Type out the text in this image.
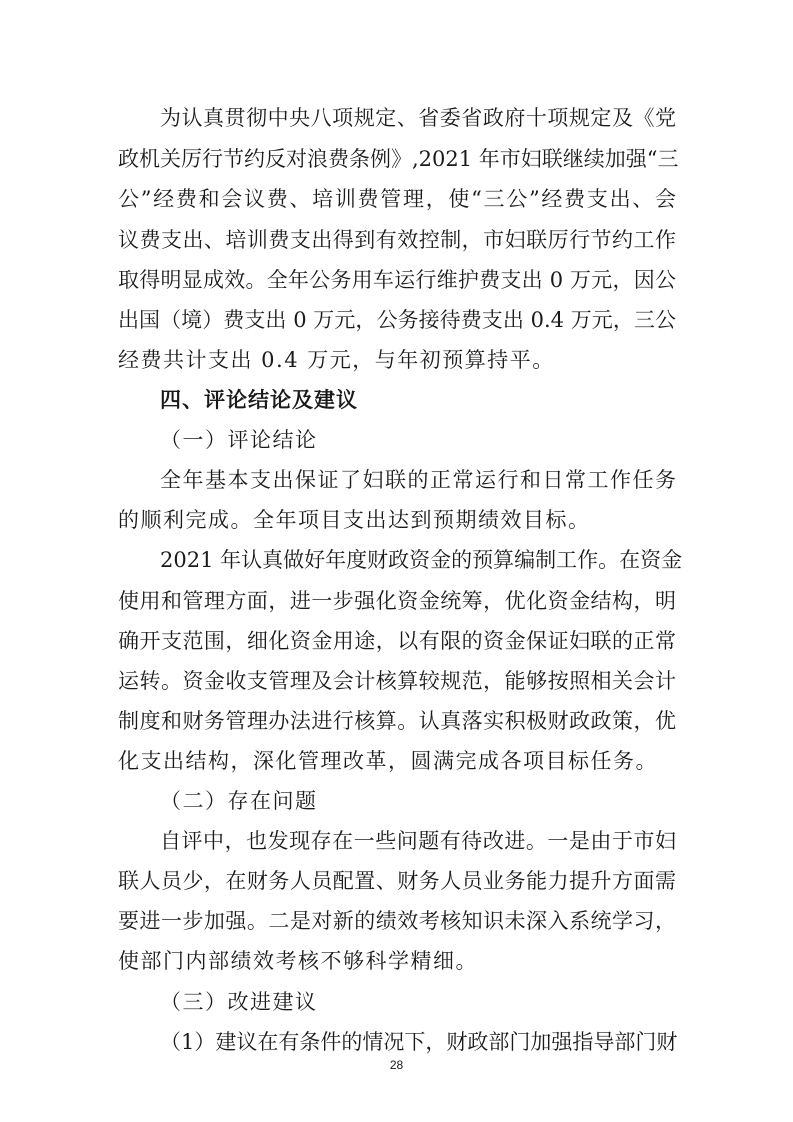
为认真贯彻中央八项规定、省委省政府十项规定及《党
政机关厉行节约反对浪费条例》,2021 年市妇联继续加强“三
公”经费和会议费、培训费管理，使“三公”经费支出、会
议费支出、培训费支出得到有效控制，市妇联厉行节约工作
取得明显成效。全年公务用车运行维护费支出 0 万元，因公
出国（境）费支出 0 万元，公务接待费支出 0.4 万元，三公
经费共计支出 0.4 万元，与年初预算持平。
四、评论结论及建议
（一）评论结论
全年基本支出保证了妇联的正常运行和日常工作任务
的顺利完成。全年项目支出达到预期绩效目标。
2021 年认真做好年度财政资金的预算编制工作。在资金
使用和管理方面，进一步强化资金统筹，优化资金结构，明
确开支范围，细化资金用途，以有限的资金保证妇联的正常
运转。资金收支管理及会计核算较规范，能够按照相关会计
制度和财务管理办法进行核算。认真落实积极财政政策，优
化支出结构，深化管理改革，圆满完成各项目标任务。
（二）存在问题
自评中，也发现存在一些问题有待改进。一是由于市妇
联人员少，在财务人员配置、财务人员业务能力提升方面需
要进一步加强。二是对新的绩效考核知识未深入系统学习，
使部门内部绩效考核不够科学精细。
（三）改进建议
（1）建议在有条件的情况下，财政部门加强指导部门财
28
